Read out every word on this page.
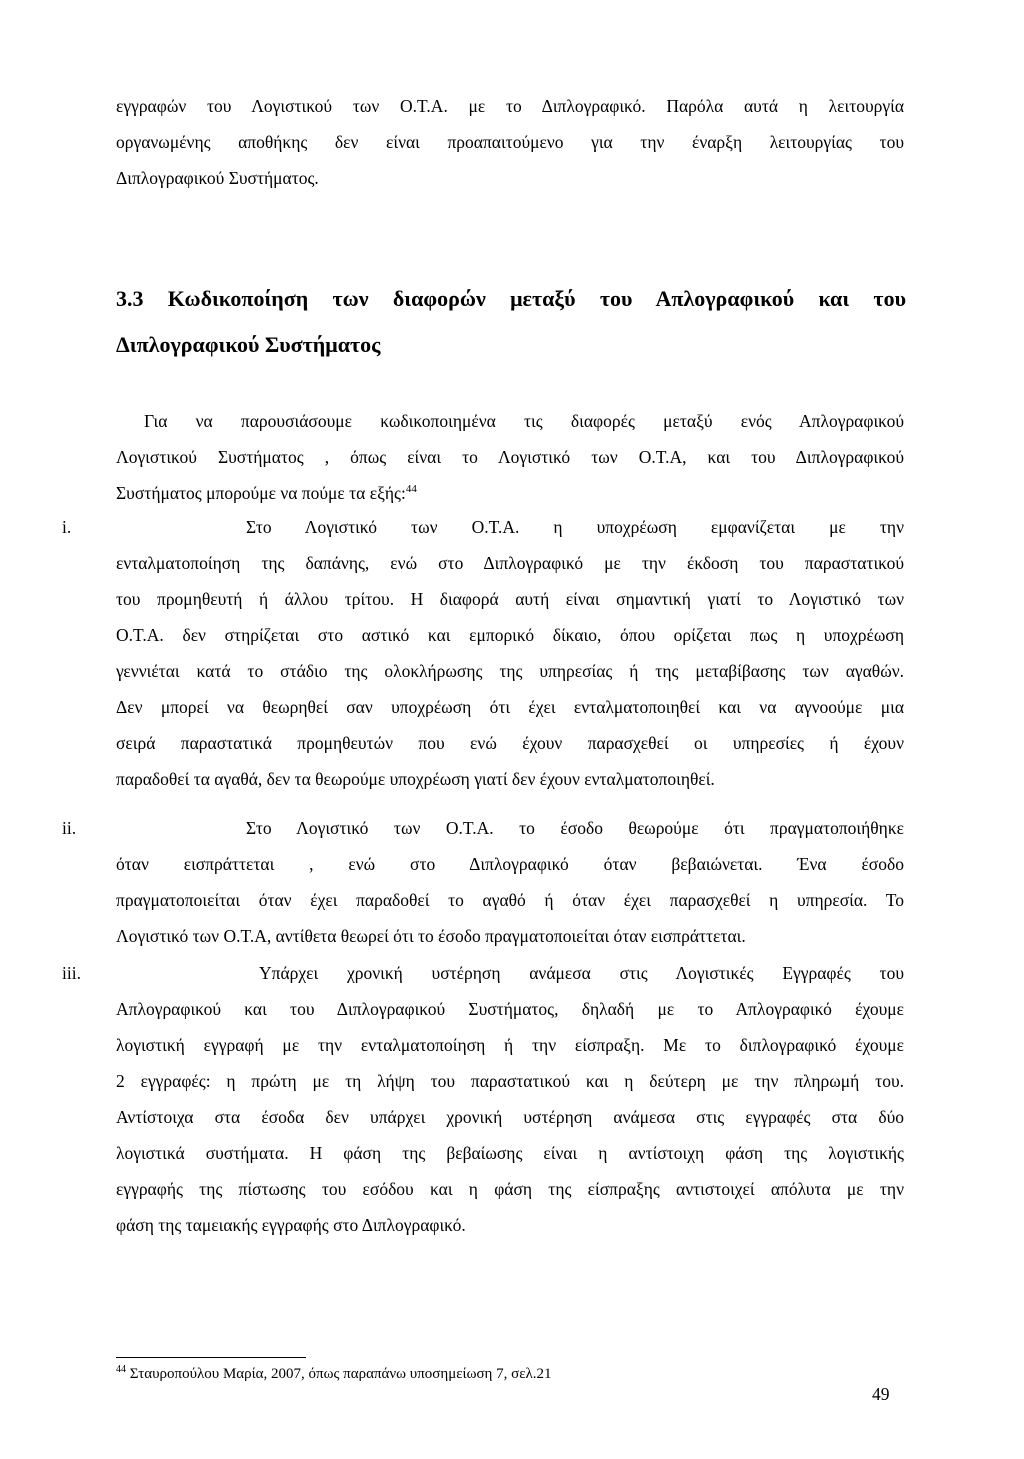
εγγραφών του Λογιστικού των Ο.Τ.Α. με το Διπλογραφικό. Παρόλα αυτά η λειτουργία
οργανωμένης αποθήκης δεν είναι προαπαιτούμενο για την έναρξη λειτουργίας του
Διπλογραφικού Συστήματος.
3.3 Κωδικοποίηση των διαφορών μεταξύ του Απλογραφικού και του
Διπλογραφικού Συστήματος
Για να παρουσιάσουμε κωδικοποιημένα τις διαφορές μεταξύ ενός Απλογραφικού
Λογιστικού Συστήματος , όπως είναι το Λογιστικό των Ο.Τ.Α, και του Διπλογραφικού
Συστήματος μπορούμε να πούμε τα εξής:$^{44}$
i.	Στο Λογιστικό των Ο.Τ.Α. η υποχρέωση εμφανίζεται με την
ενταλματοποίηση της δαπάνης, ενώ στο Διπλογραφικό με την έκδοση του παραστατικού
του προμηθευτή ή άλλου τρίτου. Η διαφορά αυτή είναι σημαντική γιατί το Λογιστικό των
Ο.Τ.Α. δεν στηρίζεται στο αστικό και εμπορικό δίκαιο, όπου ορίζεται πως η υποχρέωση
γεννιέται κατά το στάδιο της ολοκλήρωσης της υπηρεσίας ή της μεταβίβασης των αγαθών.
Δεν μπορεί να θεωρηθεί σαν υποχρέωση ότι έχει ενταλματοποιηθεί και να αγνοούμε μια
σειρά παραστατικά προμηθευτών που ενώ έχουν παρασχεθεί οι υπηρεσίες ή έχουν
παραδοθεί τα αγαθά, δεν τα θεωρούμε υποχρέωση γιατί δεν έχουν ενταλματοποιηθεί.
ii.	Στο Λογιστικό των Ο.Τ.Α. το έσοδο θεωρούμε ότι πραγματοποιήθηκε
όταν εισπράττεται , ενώ στο Διπλογραφικό όταν βεβαιώνεται. Ένα έσοδο
πραγματοποιείται όταν έχει παραδοθεί το αγαθό ή όταν έχει παρασχεθεί η υπηρεσία. Το
Λογιστικό των Ο.Τ.Α, αντίθετα θεωρεί ότι το έσοδο πραγματοποιείται όταν εισπράττεται.
iii.	Υπάρχει χρονική υστέρηση ανάμεσα στις Λογιστικές Εγγραφές του
Απλογραφικού και του Διπλογραφικού Συστήματος, δηλαδή με το Απλογραφικό έχουμε
λογιστική εγγραφή με την ενταλματοποίηση ή την είσπραξη. Με το διπλογραφικό έχουμε
2 εγγραφές: η πρώτη με τη λήψη του παραστατικού και η δεύτερη με την πληρωμή του.
Αντίστοιχα στα έσοδα δεν υπάρχει χρονική υστέρηση ανάμεσα στις εγγραφές στα δύο
λογιστικά συστήματα. Η φάση της βεβαίωσης είναι η αντίστοιχη φάση της λογιστικής
εγγραφής της πίστωσης του εσόδου και η φάση της είσπραξης αντιστοιχεί απόλυτα με την
φάση της ταμειακής εγγραφής στο Διπλογραφικό.
$^{44}$ Σταυροπούλου Μαρία, 2007, όπως παραπάνω υποσημείωση 7, σελ.21
49
